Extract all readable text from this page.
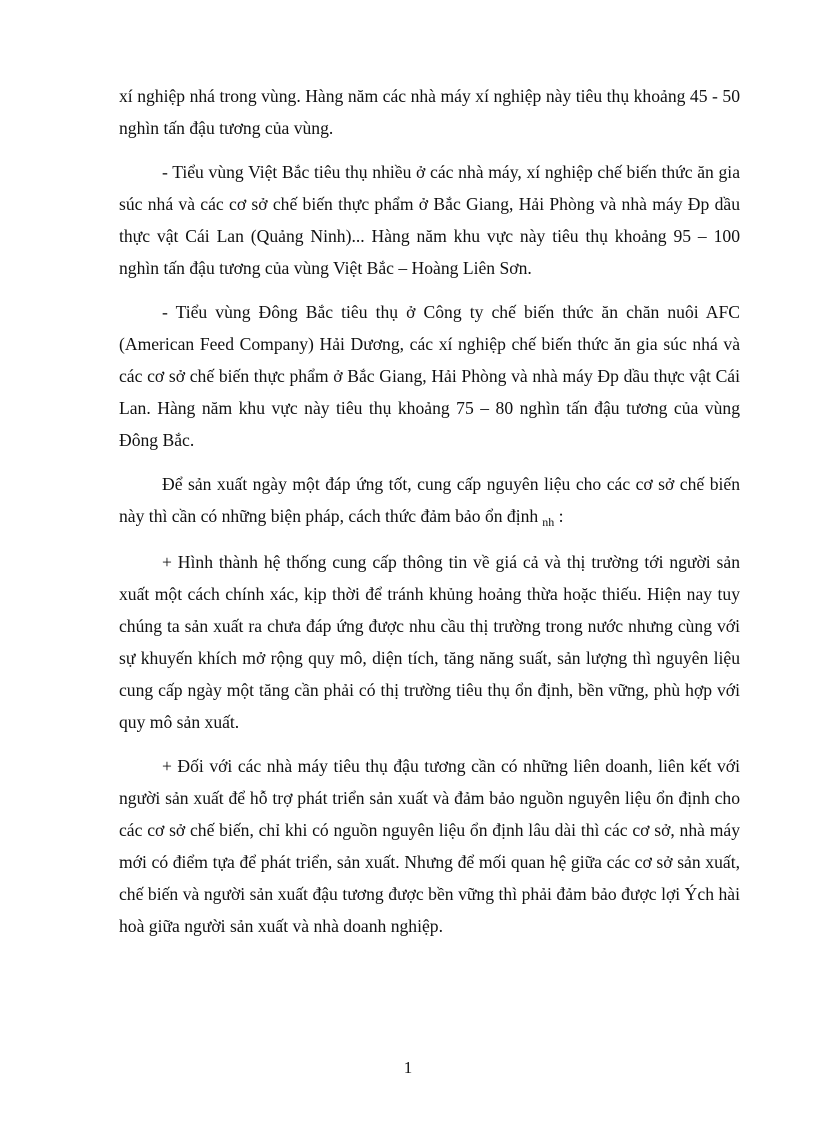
xí nghiệp nhá trong vùng. Hàng năm các nhà máy xí nghiệp này tiêu thụ khoảng 45 - 50 nghìn tấn đậu tương của vùng.

- Tiểu vùng Việt Bắc tiêu thụ nhiều ở các nhà máy, xí nghiệp chế biến thức ăn gia súc nhá và các cơ sở chế biến thực phẩm ở Bắc Giang, Hải Phòng và nhà máy Đp dầu thực vật Cái Lan (Quảng Ninh)... Hàng năm khu vực này tiêu thụ khoảng 95 – 100 nghìn tấn đậu tương của vùng Việt Bắc – Hoàng Liên Sơn.

- Tiểu vùng Đông Bắc tiêu thụ ở Công ty chế biến thức ăn chăn nuôi AFC (American Feed Company) Hải Dương, các xí nghiệp chế biến thức ăn gia súc nhá và các cơ sở chế biến thực phẩm ở Bắc Giang, Hải Phòng và nhà máy Đp dầu thực vật Cái Lan. Hàng năm khu vực này tiêu thụ khoảng 75 – 80 nghìn tấn đậu tương của vùng Đông Bắc.

Để sản xuất ngày một đáp ứng tốt, cung cấp nguyên liệu cho các cơ sở chế biến này thì cần có những biện pháp, cách thức đảm bảo ổn định $_{nh}$ :

+ Hình thành hệ thống cung cấp thông tin về giá cả và thị trường tới người sản xuất một cách chính xác, kịp thời để tránh khủng hoảng thừa hoặc thiếu. Hiện nay tuy chúng ta sản xuất ra chưa đáp ứng được nhu cầu thị trường trong nước nhưng cùng với sự khuyến khích mở rộng quy mô, diện tích, tăng năng suất, sản lượng thì nguyên liệu cung cấp ngày một tăng cần phải có thị trường tiêu thụ ổn định, bền vững, phù hợp với quy mô sản xuất.

+ Đối với các nhà máy tiêu thụ đậu tương cần có những liên doanh, liên kết với người sản xuất để hỗ trợ phát triển sản xuất và đảm bảo nguồn nguyên liệu ổn định cho các cơ sở chế biến, chỉ khi có nguồn nguyên liệu ổn định lâu dài thì các cơ sở, nhà máy mới có điểm tựa để phát triển, sản xuất. Nhưng để mối quan hệ giữa các cơ sở sản xuất, chế biến và người sản xuất đậu tương được bền vững thì phải đảm bảo được lợi Ých hài hoà giữa người sản xuất và nhà doanh nghiệp.

1
